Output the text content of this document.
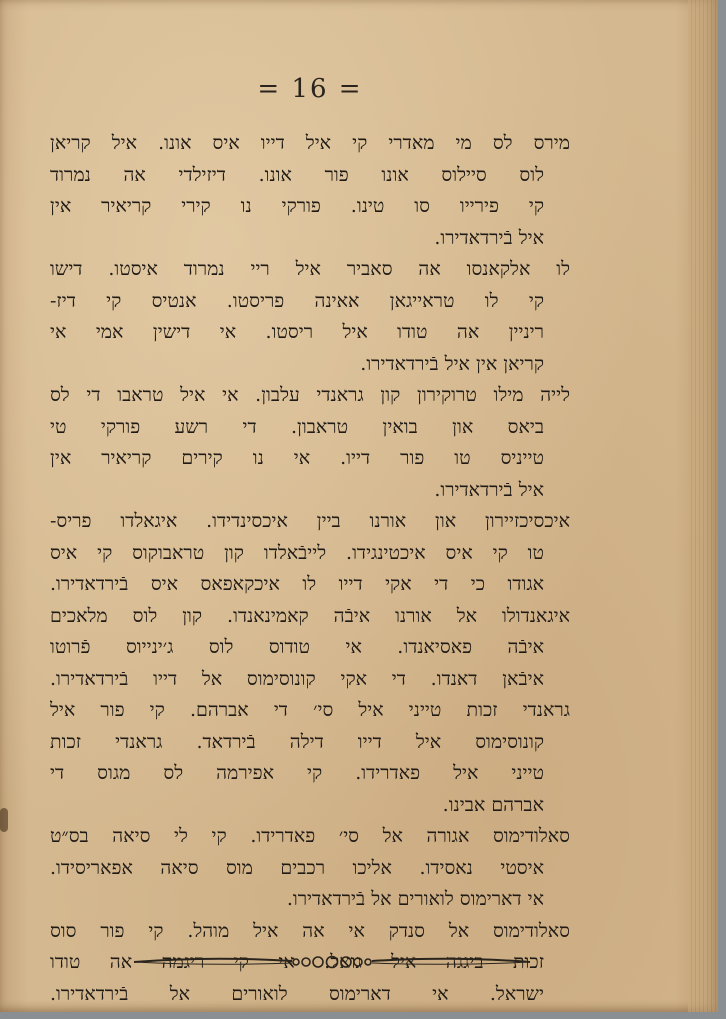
= 16 =
מירס לס מי מאדרי קי איל דייו איס אונו. איל קריאן
לוס סיילוס אונו פור אונו. דיזילדי אה נמרוד
קי פירייו סו טינו. פורקי נו קירי קריאיר אין
איל בֿירדאדירו.
לו אלקאנסו אה סאביר איל ריי נמרוד איסטו. דישו
קי לו טראייגאן אאינה פריסטו. אנטיס קי דיז-
ריניין אה טודו איל ריסטו. אי דישין אמי אי
קריאן אין איל בֿירדאדירו.
לייה מילו טרוקירון קון גראנדי עלבון. אי איל טראבו די לס
ביאס און בואין טראבון. די רשע פורקי טי
טייניס טו פור דייו. אי נו קירים קריאיר אין
איל בֿירדאדירו.
איכסיכזיירון און אורנו ביין איכסינדידו. איגאלדו פריס-
טו קי איס איכטינגידו. לייבֿאלדו קון טראבוקוס קי איס
אגודו כי די אקי דייו לו איכקאפאס איס בֿירדאדירו.
איגאנדולו אל אורנו איבֿה קאמינאנדו. קון לוס מלאכים
איבֿה פאסיאנדו. אי טודוס לוס ג׳ינייוס פֿרוטו
איבֿאן דאנדו. די אקי קונוסימוס אל דייו בֿירדאדירו.
גראנדי זכות טייני איל סי׳ די אברהם. קי פור איל
קונוסימוס איל דייו דילה בֿירדאד. גראנדי זכות
טייני איל פאדרידו. קי אפירמה לס מגוס די
אברהם אבינו.
סאלודימוס אגורה אל סי׳ פאדרידו. קי לי סיאה בס״ט
איסטי נאסידו. אליכו רכבים מוס סיאה אפאריסידו.
אי דארימוס לואורים אל בֿירדאדירו.
סאלודימוס אל סנדק אי אה איל מוהל. קי פור סוס
זכות ביגגה איל גואל. אי קי ריגמה אה טודו
ישראל. אי דארימוס לואורים אל בֿירדאדירו.
